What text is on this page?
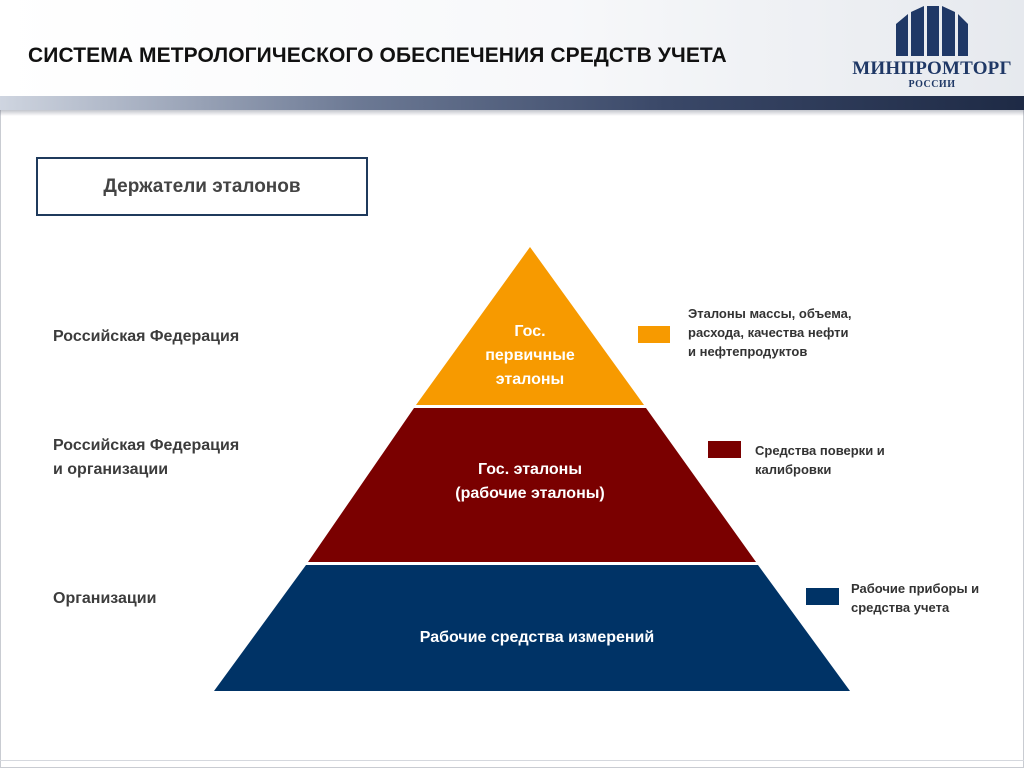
СИСТЕМА МЕТРОЛОГИЧЕСКОГО ОБЕСПЕЧЕНИЯ СРЕДСТВ УЧЕТА
МИНПРОМТОРГ
РОССИИ
Держатели эталонов
Российская Федерация
Российская Федерация
и организации
Организации
Гос.
первичные
эталоны
Гос. эталоны
(рабочие эталоны)
Рабочие средства измерений
Эталоны массы, объема,
расхода, качества нефти
и нефтепродуктов
Средства поверки и
калибровки
Рабочие приборы и
средства учета
